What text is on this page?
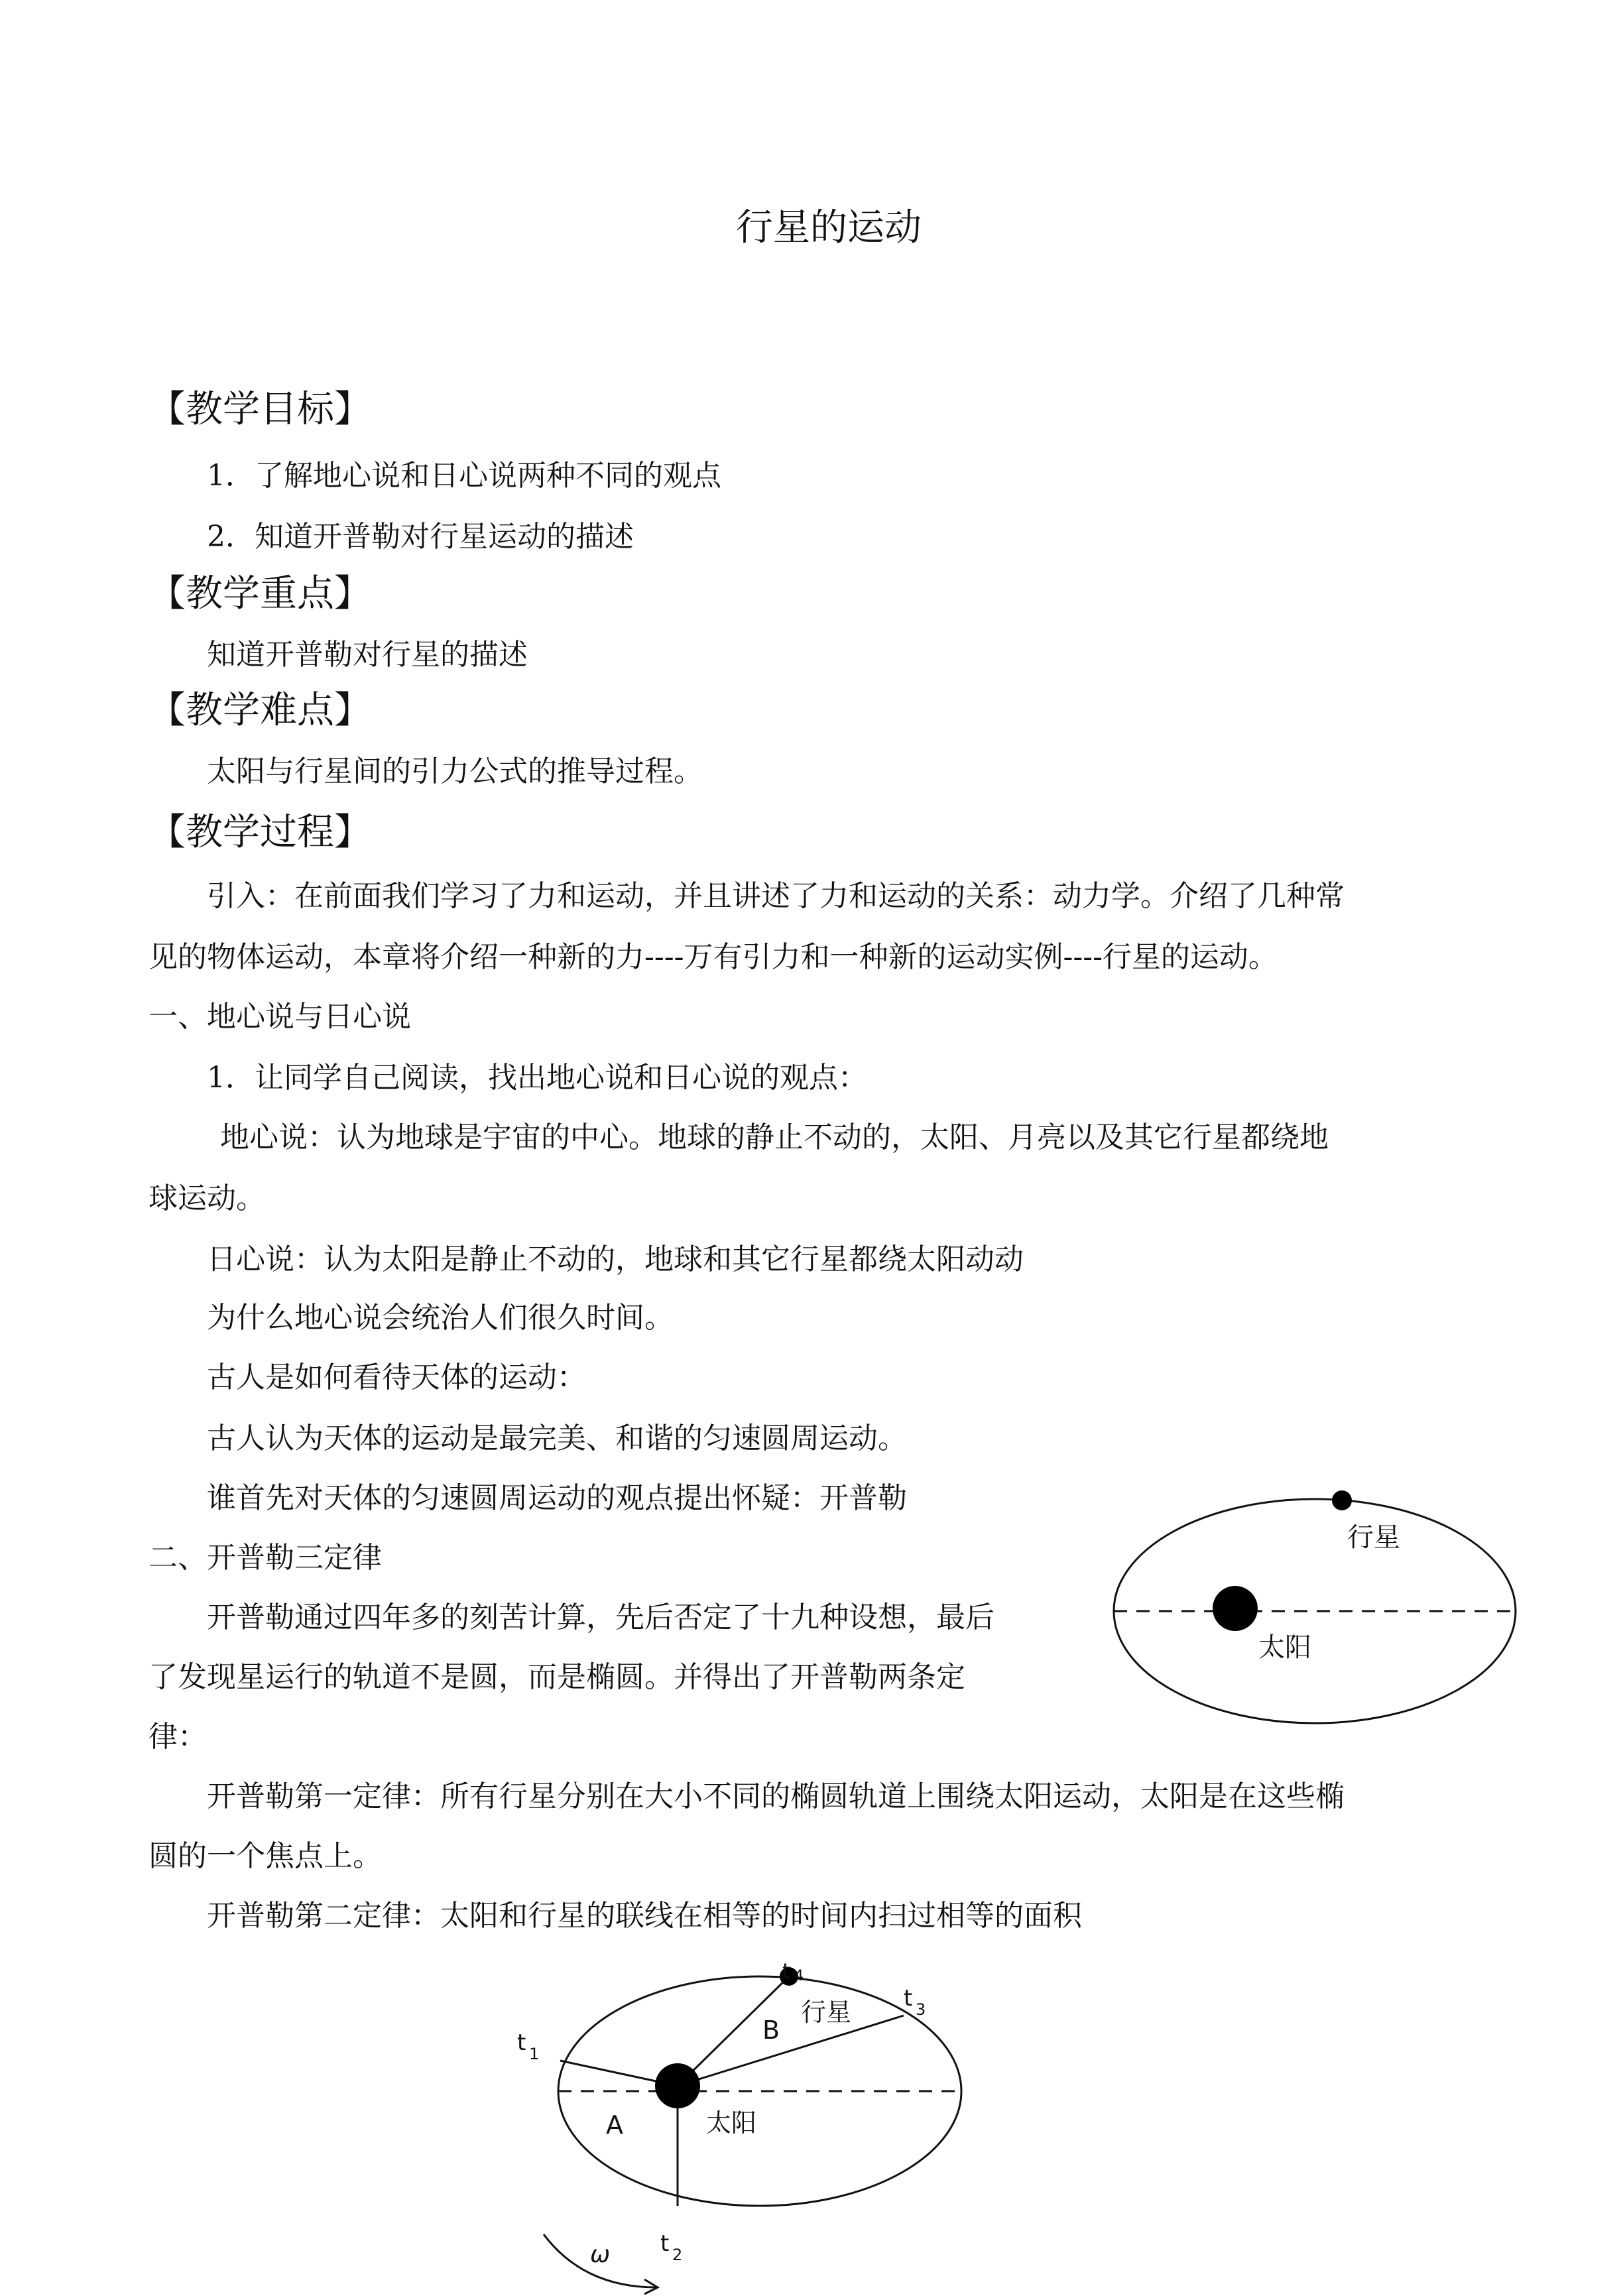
行星的运动
【教学目标】
1．了解地心说和日心说两种不同的观点
2．知道开普勒对行星运动的描述
【教学重点】
知道开普勒对行星的描述
【教学难点】
太阳与行星间的引力公式的推导过程。
【教学过程】
引入：在前面我们学习了力和运动，并且讲述了力和运动的关系：动力学。介绍了几种常
见的物体运动，本章将介绍一种新的力----万有引力和一种新的运动实例----行星的运动。
一、地心说与日心说
1．让同学自己阅读，找出地心说和日心说的观点：
地心说：认为地球是宇宙的中心。地球的静止不动的，太阳、月亮以及其它行星都绕地
球运动。
日心说：认为太阳是静止不动的，地球和其它行星都绕太阳动动
为什么地心说会统治人们很久时间。
古人是如何看待天体的运动：
古人认为天体的运动是最完美、和谐的匀速圆周运动。
谁首先对天体的匀速圆周运动的观点提出怀疑：开普勒
二、开普勒三定律
开普勒通过四年多的刻苦计算，先后否定了十九种设想，最后
了发现星运行的轨道不是圆，而是椭圆。并得出了开普勒两条定
律：
开普勒第一定律：所有行星分别在大小不同的椭圆轨道上围绕太阳运动，太阳是在这些椭
圆的一个焦点上。
开普勒第二定律：太阳和行星的联线在相等的时间内扫过相等的面积
行星
太阳
行星
太阳
A
B
t 1
t 2
t 3
t 4
ω
